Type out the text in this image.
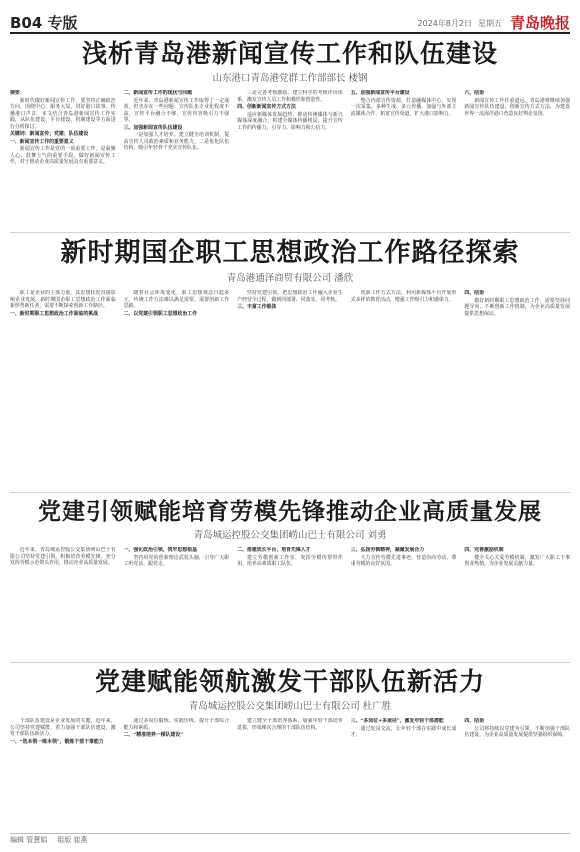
B04 专版	2024年8月2日 星期五 青岛晚报
浅析青岛港新闻宣传工作和队伍建设
山东港口青岛港党群工作部部长 楼钢

摘要：

新时代做好新闻宣传工作，要坚持正确政治方向，围绕中心、服务大局，讲好港口故事、传播港口声音。本文结合青岛港新闻宣传工作实践，从队伍建设、平台建设、机制建设等方面进行分析探讨。

关键词：新闻宣传；党建；队伍建设

一、新闻宣传工作的重要意义

新闻宣传工作是党的一项重要工作，是凝聚人心、鼓舞士气的重要手段。做好新闻宣传工作，对于推动企业高质量发展具有重要意义。

二、新闻宣传工作的现状与问题

近年来，青岛港新闻宣传工作取得了一定成效，但也存在一些问题：宣传队伍专业化程度不高，宣传平台融合不够，宣传内容吸引力不强等。

三、加强新闻宣传队伍建设

一是加强人才培养。建立健全培训机制，提高宣传人员政治素质和业务能力。二是优化队伍结构，吸引年轻骨干充实宣传队伍。

三是完善考核激励。建立科学的考核评价体系，激发宣传人员工作积极性和创造性。

四、创新新闻宣传方式方法

适应新媒体发展趋势，推动传统媒体与新兴媒体深度融合，构建全媒体传播格局，提升宣传工作的传播力、引导力、影响力和公信力。

五、加强新闻宣传平台建设

整合内部宣传资源，打造融媒体中心，实现一次采集、多种生成、多元传播。加强与外部主流媒体合作，拓宽宣传渠道，扩大港口影响力。

六、结语

新闻宣传工作任重道远。青岛港将继续加强新闻宣传队伍建设，创新宣传方式方法，为建设世界一流海洋港口营造良好舆论氛围。

新时期国企职工思想政治工作路径探索
青岛港通泽商贸有限公司 潘欣

职工是企业的主体力量，其思想状况直接影响企业发展。新时期国企职工思想政治工作面临新形势新任务，需要不断探索创新工作路径。

一、新时期职工思想政治工作面临的挑战

随着社会环境变化，职工思想观念日趋多元，传统工作方法难以满足需要，需要创新工作思路。

二、以党建引领职工思想政治工作

坚持党建引领，把思想政治工作融入企业生产经营全过程，做到同部署、同落实、同考核。

三、丰富工作载体

创新工作方式方法，利用新媒体平台开展形式多样的教育活动，增强工作吸引力和感染力。

四、结语

做好新时期职工思想政治工作，需要坚持问题导向，不断创新工作机制，为企业高质量发展提供思想保证。

党建引领赋能培育劳模先锋推动企业高质量发展
青岛城运控股公交集团崂山巴士有限公司 刘勇

近年来，青岛城运控股公交集团崂山巴士有限公司坚持党建引领，积极培育劳模先锋，充分发挥劳模示范带头作用，推动企业高质量发展。

一、强化政治引领，筑牢思想根基

坚持用党的创新理论武装头脑，引导广大职工听党话、跟党走。

二、搭建成长平台，培育先锋人才

建立劳模创新工作室，发挥劳模传帮带作用，培养高素质职工队伍。

三、弘扬劳模精神，凝聚发展合力

大力宣传劳模先进事迹，营造崇尚劳动、尊重劳模的良好氛围。

四、完善激励机制

健全关心关爱劳模机制，激发广大职工干事创业热情，为企业发展贡献力量。

党建赋能领航激发干部队伍新活力
青岛城运控股公交集团崂山巴士有限公司 杜广胜

干部队伍建设是企业发展的关键。近年来，公司坚持党建赋能，着力加强干部队伍建设，激发干部队伍新活力。

一、“选本领一练本领”，锻炼干部干事能力

通过多岗位锻炼、实践历练，提升干部综合能力和素质。

二、“精准培养一梯队建设”

建立健全干部培养体系，加强年轻干部培养选拔，形成梯次合理的干部队伍结构。

三、“多岗位+多途径”，激发年轻干部潜能

通过轮岗交流，让年轻干部在实践中成长成才。

四、结语

公司将持续以党建为引领，不断加强干部队伍建设，为企业高质量发展提供坚强组织保障。

编辑 管慧娟 组版 崔燕
